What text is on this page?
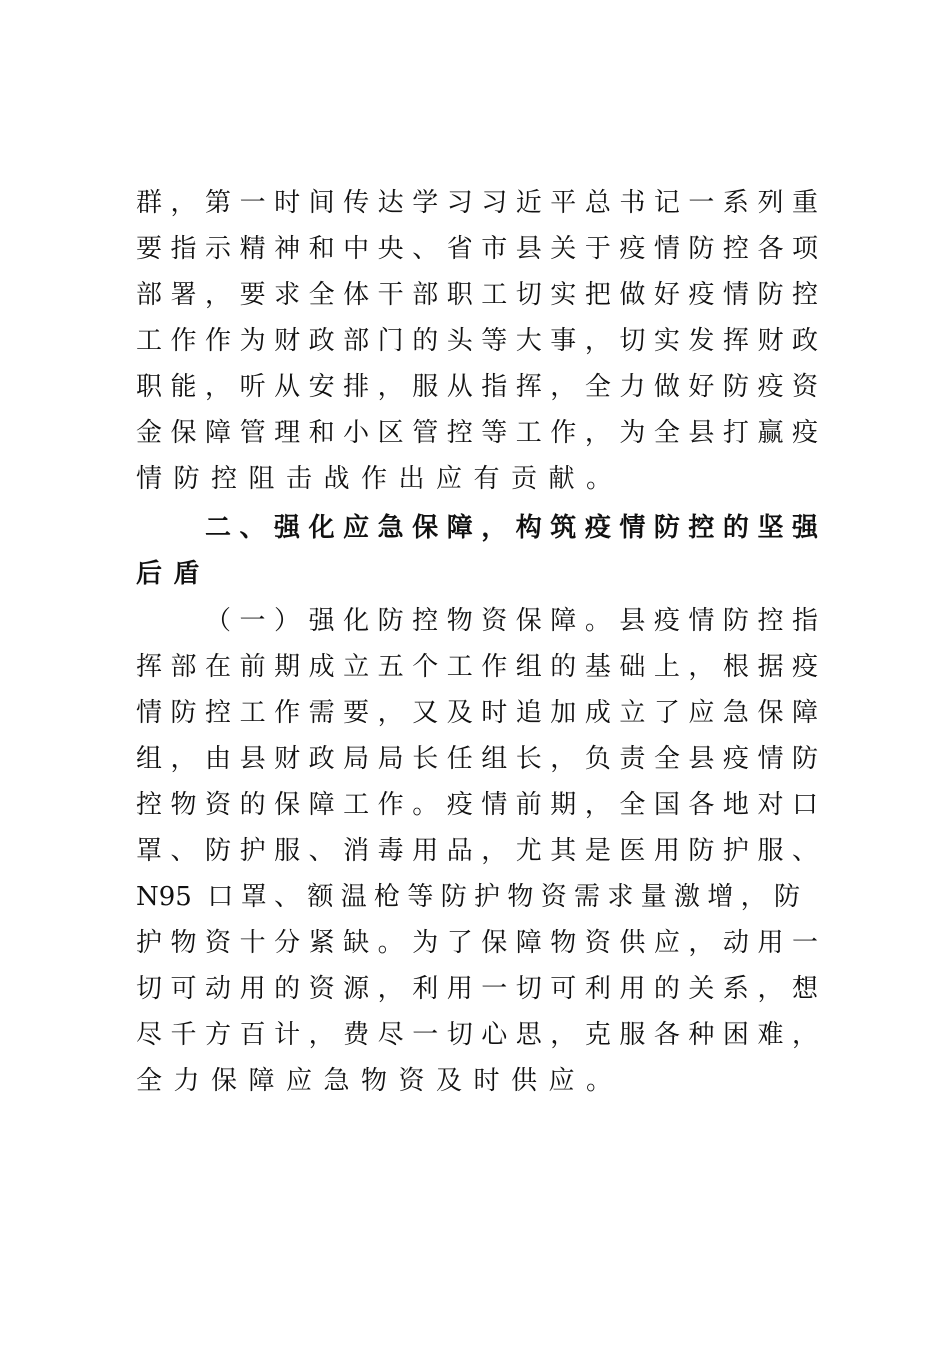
群，第一时间传达学习习近平总书记一系列重
要指示精神和中央、省市县关于疫情防控各项
部署，要求全体干部职工切实把做好疫情防控
工作作为财政部门的头等大事，切实发挥财政
职能，听从安排，服从指挥，全力做好防疫资
金保障管理和小区管控等工作，为全县打赢疫
情防控阻击战作出应有贡献。
二、强化应急保障，构筑疫情防控的坚强
后盾
（一）强化防控物资保障。县疫情防控指
挥部在前期成立五个工作组的基础上，根据疫
情防控工作需要，又及时追加成立了应急保障
组，由县财政局局长任组长，负责全县疫情防
控物资的保障工作。疫情前期，全国各地对口
罩、防护服、消毒用品，尤其是医用防护服、
N95 口罩、额温枪等防护物资需求量激增，防
护物资十分紧缺。为了保障物资供应，动用一
切可动用的资源，利用一切可利用的关系，想
尽千方百计，费尽一切心思，克服各种困难，
全力保障应急物资及时供应。
